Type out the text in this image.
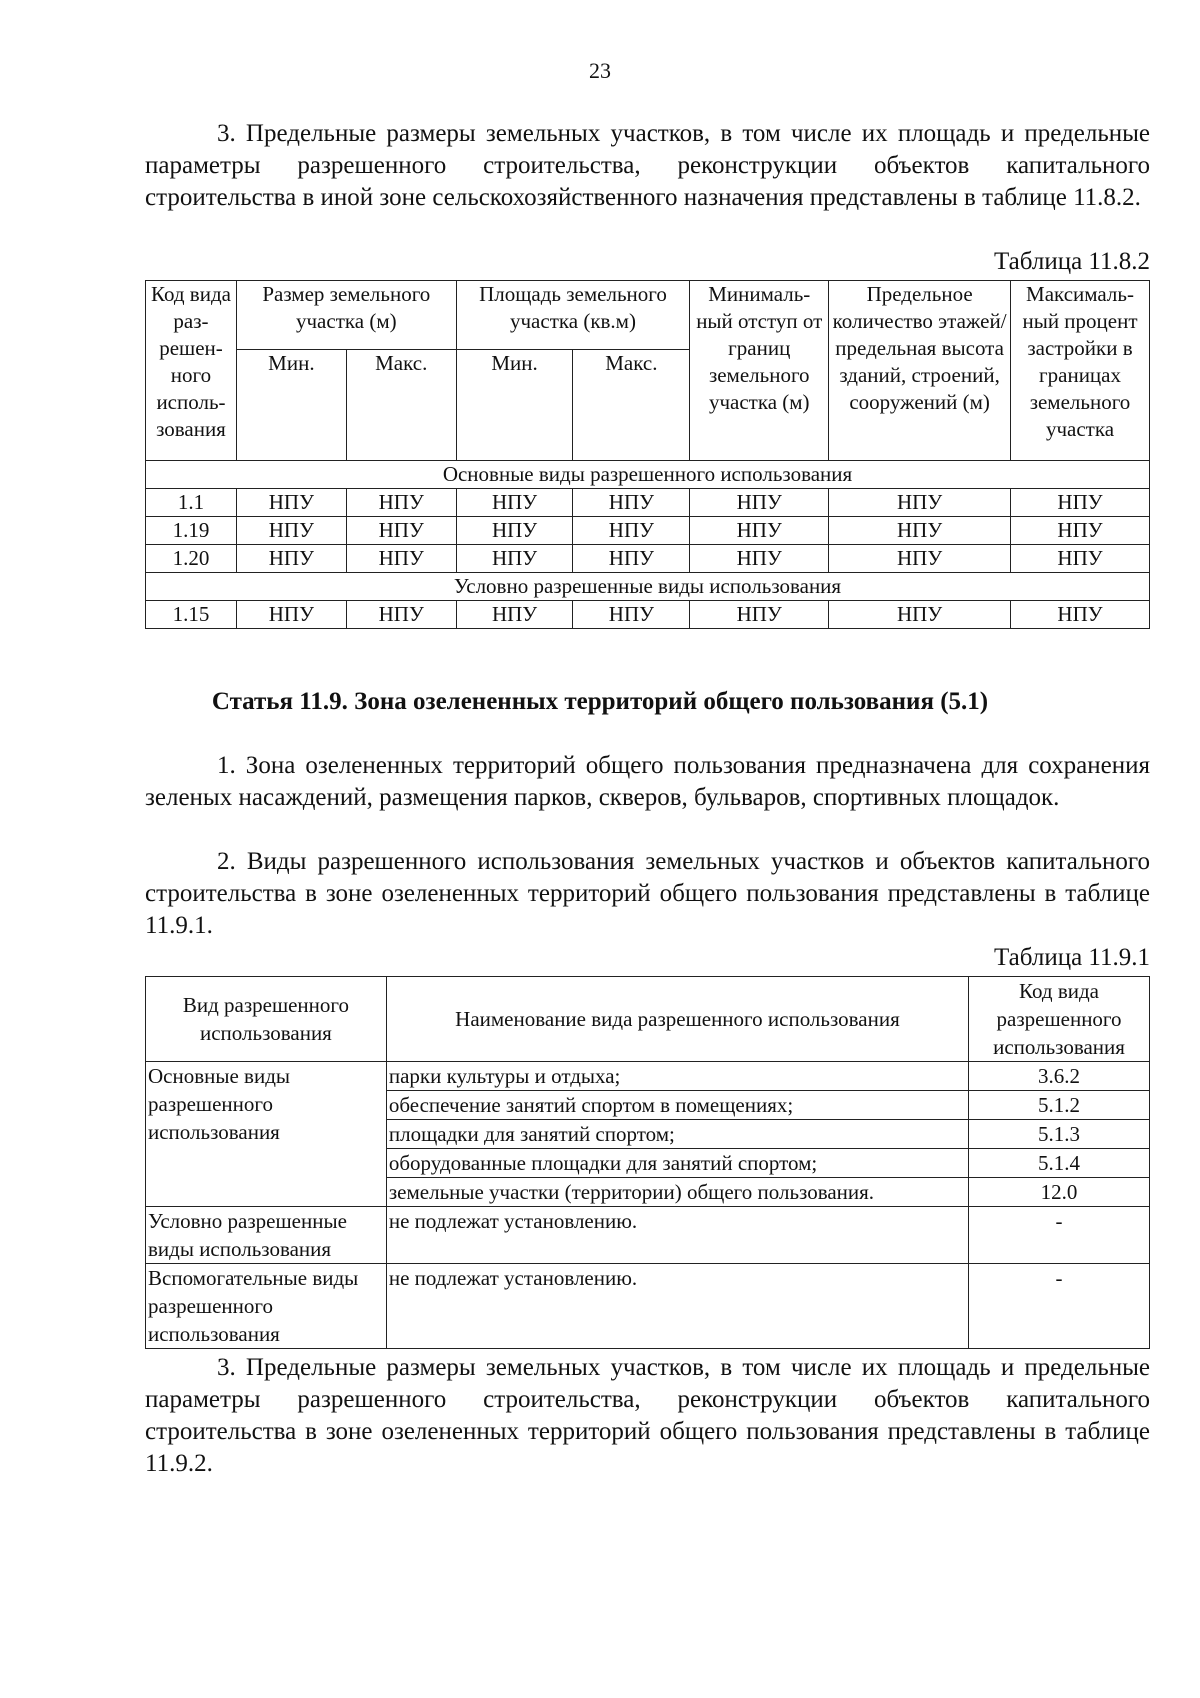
23

3. Предельные размеры земельных участков, в том числе их площадь и предельные параметры разрешенного строительства, реконструкции объектов капитального строительства в иной зоне сельскохозяйственного назначения представлены в таблице 11.8.2.

Таблица 11.8.2
Код вида раз-решен-ного исполь-зования	Размер земельного участка (м)		Площадь земельного участка (кв.м)		Минималь-ный отступ от границ земельного участка (м)	Предельное количество этажей/ предельная высота зданий, строений, сооружений (м)	Максималь-ный процент застройки в границах земельного участка
	Мин.	Макс.	Мин.	Макс.			
Основные виды разрешенного использования							
1.1	НПУ	НПУ	НПУ	НПУ	НПУ	НПУ	НПУ
1.19	НПУ	НПУ	НПУ	НПУ	НПУ	НПУ	НПУ
1.20	НПУ	НПУ	НПУ	НПУ	НПУ	НПУ	НПУ
Условно разрешенные виды использования							
1.15	НПУ	НПУ	НПУ	НПУ	НПУ	НПУ	НПУ
Статья 11.9. Зона озелененных территорий общего пользования (5.1)

1. Зона озелененных территорий общего пользования предназначена для сохранения зеленых насаждений, размещения парков, скверов, бульваров, спортивных площадок.

2. Виды разрешенного использования земельных участков и объектов капитального строительства в зоне озелененных территорий общего пользования представлены в таблице 11.9.1.

Таблица 11.9.1
Вид разрешенного использования	Наименование вида разрешенного использования	Код вида разрешенного использования
Основные виды разрешенного использования	парки культуры и отдыха;	3.6.2
	обеспечение занятий спортом в помещениях;	5.1.2
	площадки для занятий спортом;	5.1.3
	оборудованные площадки для занятий спортом;	5.1.4
	земельные участки (территории) общего пользования.	12.0
Условно разрешенные виды использования	не подлежат установлению.	-
Вспомогательные виды разрешенного использования	не подлежат установлению.	-

3. Предельные размеры земельных участков, в том числе их площадь и предельные параметры разрешенного строительства, реконструкции объектов капитального строительства в зоне озелененных территорий общего пользования представлены в таблице 11.9.2.
